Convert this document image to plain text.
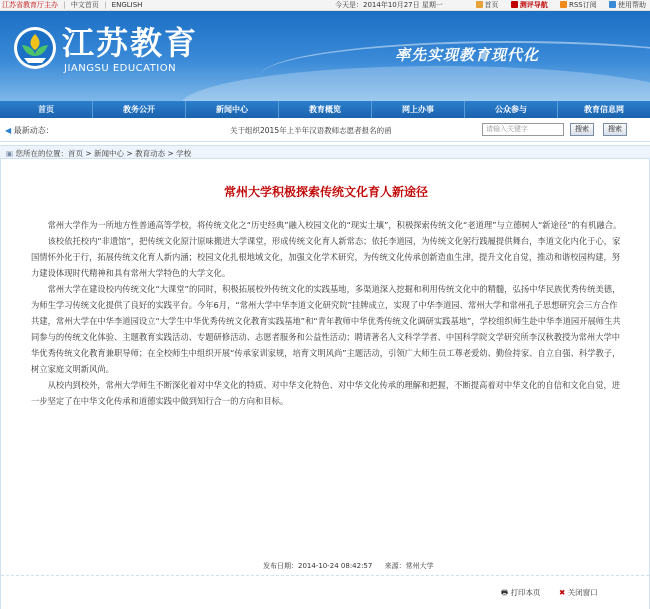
江苏省教育厅主办 | 中文首页 | ENGLISH	今天是：2014年10月27日 星期一	首页	测评导航	RSS订阅	使用帮助
江苏教育
JIANGSU EDUCATION
率先实现教育现代化
首页	教务公开	新闻中心	教育概览	网上办事	公众参与	教育信息网
◀ 最新动态：	关于组织2015年上半年汉语教师志愿者报名的函	请输入关键字	搜索	搜索
▣ 您所在的位置：首页 > 新闻中心 > 教育动态 > 学校
常州大学积极探索传统文化育人新途径

常州大学作为一所地方性普通高等学校，将传统文化之“历史经典”融入校园文化的“现实土壤”，积极探索传统文化“老道理”与立德树人“新途径”的有机融合。

该校依托校内“非遗馆”，把传统文化原汁原味搬进大学课堂，形成传统文化育人新常态；依托李道园，为传统文化躬行践履提供舞台，李道文化内化于心，家国情怀外化于行，拓展传统文化育人新内涵；校园文化扎根地域文化，加强文化学术研究，为传统文化传承创新造血生津，提升文化自觉，推动和谐校园构建，努力建设体现时代精神和具有常州大学特色的大学文化。

常州大学在建设校内传统文化“大课堂”的同时，积极拓展校外传统文化的实践基地，多渠道深入挖掘和利用传统文化中的精髓，弘扬中华民族优秀传统美德，为师生学习传统文化提供了良好的实践平台。今年6月，“常州大学中华李道文化研究院”挂牌成立，实现了中华李道园、常州大学和常州孔子思想研究会三方合作共建，常州大学在中华李道园设立“大学生中华优秀传统文化教育实践基地”和“青年教师中华优秀传统文化调研实践基地”，学校组织师生赴中华李道园开展师生共同参与的传统文化体验、主题教育实践活动、专题研修活动、志愿者服务和公益性活动；聘请著名人文科学学者、中国科学院文学研究所李汉秋教授为常州大学中华优秀传统文化教育兼职导师；在全校师生中组织开展“传承家训家规，培育文明风尚”主题活动，引领广大师生员工尊老爱幼、勤俭持家、自立自强、科学教子，树立家庭文明新风尚。

从校内到校外，常州大学师生不断深化着对中华文化的特质、对中华文化特色、对中华文化传承的理解和把握，不断提高着对中华文化的自信和文化自觉，进一步坚定了在中华文化传承和道德实践中做到知行合一的方向和目标。

发布日期：2014-10-24 08:42:57 来源：常州大学
🖶 打印本页 ✖ 关闭窗口
